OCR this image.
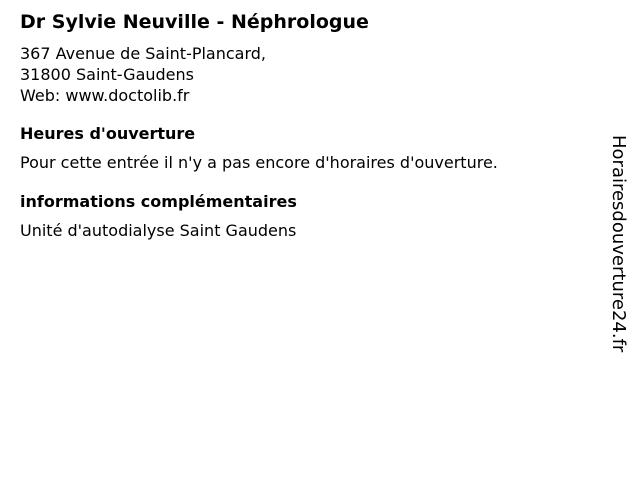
Dr Sylvie Neuville - Néphrologue
367 Avenue de Saint-Plancard,
31800 Saint-Gaudens
Web: www.doctolib.fr
Heures d'ouverture
Pour cette entrée il n'y a pas encore d'horaires d'ouverture.
informations complémentaires
Unité d'autodialyse Saint Gaudens	Horairesdouverture24.fr
